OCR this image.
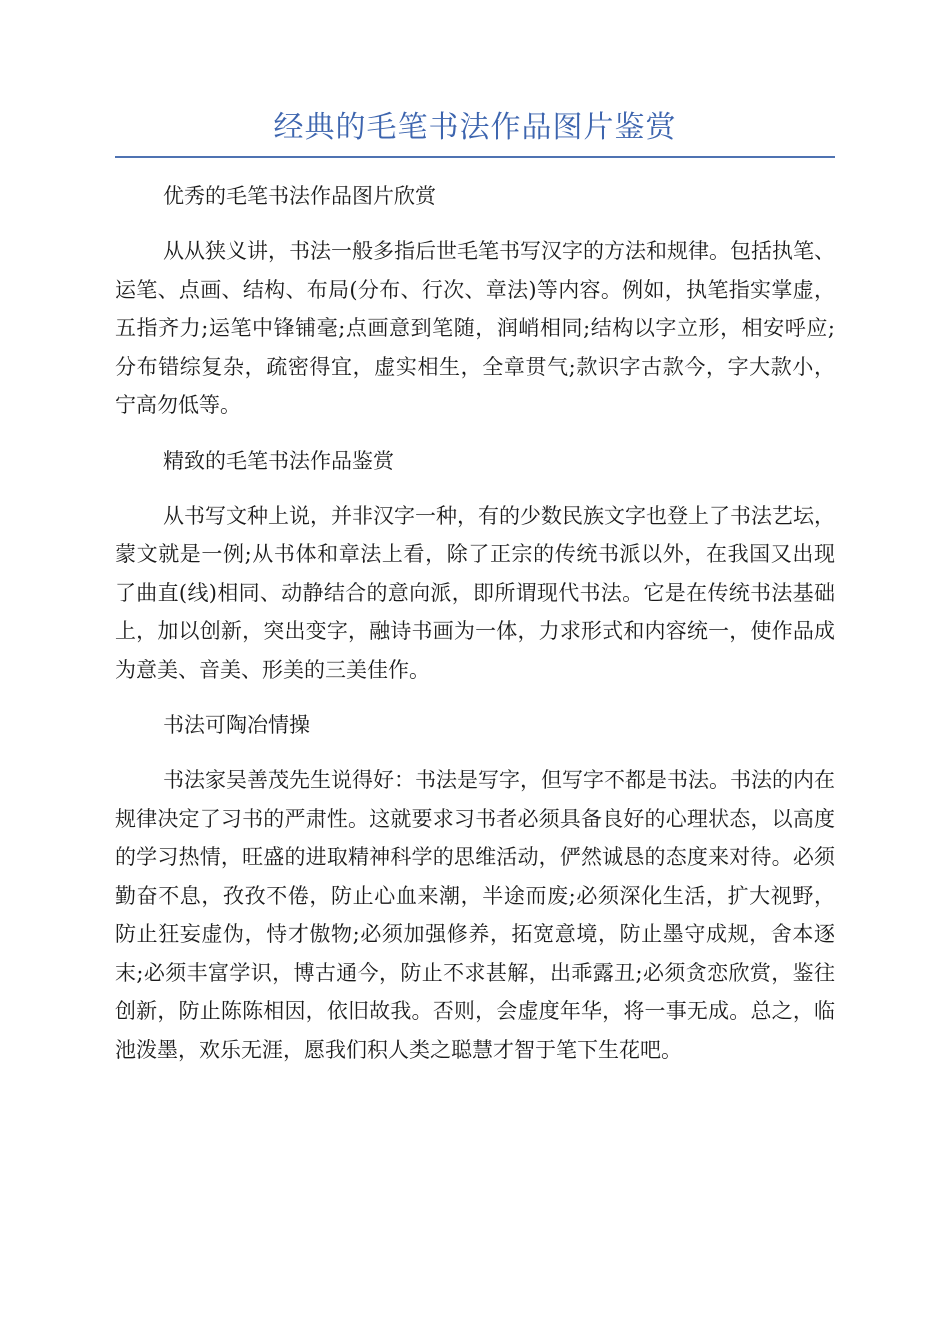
经典的毛笔书法作品图片鉴赏
优秀的毛笔书法作品图片欣赏
从从狭义讲，书法一般多指后世毛笔书写汉字的方法和规律。包括执笔、运笔、点画、结构、布局(分布、行次、章法)等内容。例如，执笔指实掌虚，五指齐力;运笔中锋铺毫;点画意到笔随，润峭相同;结构以字立形，相安呼应;分布错综复杂，疏密得宜，虚实相生，全章贯气;款识字古款今，字大款小，宁高勿低等。
精致的毛笔书法作品鉴赏
从书写文种上说，并非汉字一种，有的少数民族文字也登上了书法艺坛，蒙文就是一例;从书体和章法上看，除了正宗的传统书派以外，在我国又出现了曲直(线)相同、动静结合的意向派，即所谓现代书法。它是在传统书法基础上，加以创新，突出变字，融诗书画为一体，力求形式和内容统一，使作品成为意美、音美、形美的三美佳作。
书法可陶冶情操
书法家吴善茂先生说得好：书法是写字，但写字不都是书法。书法的内在规律决定了习书的严肃性。这就要求习书者必须具备良好的心理状态，以高度的学习热情，旺盛的进取精神科学的思维活动，俨然诚恳的态度来对待。必须勤奋不息，孜孜不倦，防止心血来潮，半途而废;必须深化生活，扩大视野，防止狂妄虚伪，恃才傲物;必须加强修养，拓宽意境，防止墨守成规，舍本逐末;必须丰富学识，博古通今，防止不求甚解，出乖露丑;必须贪恋欣赏，鉴往创新，防止陈陈相因，依旧故我。否则，会虚度年华，将一事无成。总之，临池泼墨，欢乐无涯，愿我们积人类之聪慧才智于笔下生花吧。
